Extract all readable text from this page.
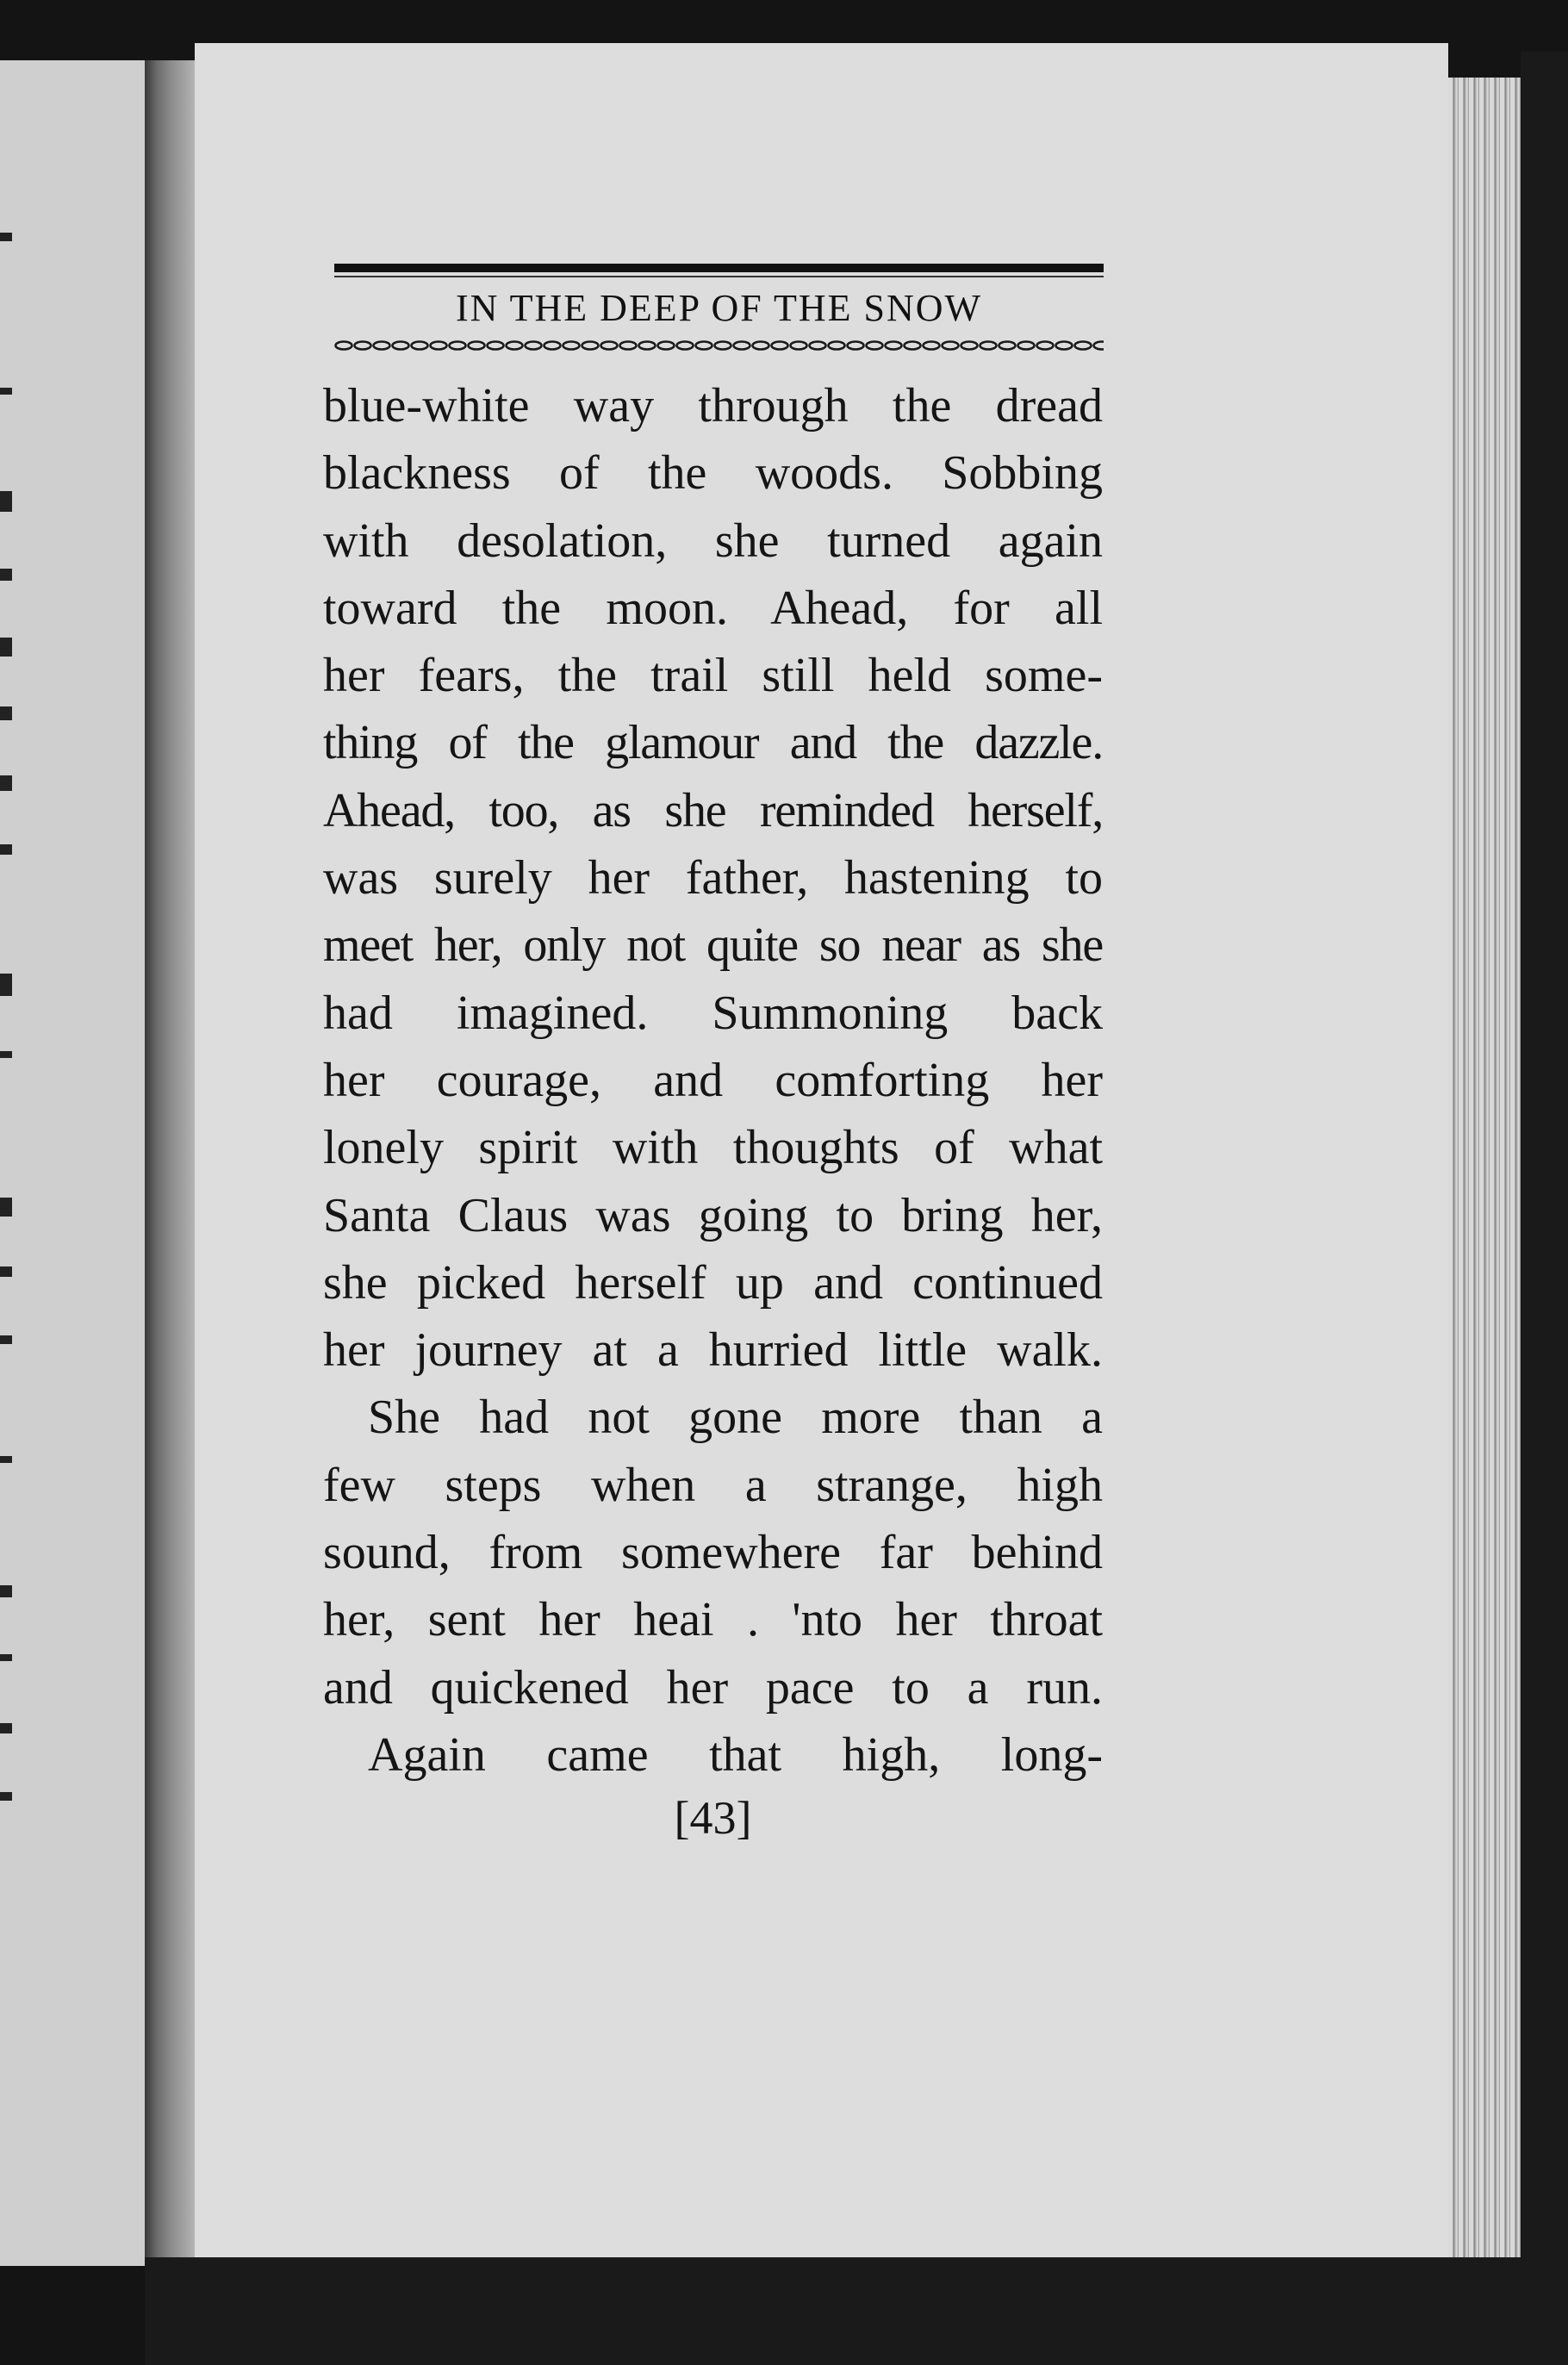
IN THE DEEP OF THE SNOW
blue-white way through the dread
blackness of the woods. Sobbing
with desolation, she turned again
toward the moon. Ahead, for all
her fears, the trail still held some-
thing of the glamour and the dazzle.
Ahead, too, as she reminded herself,
was surely her father, hastening to
meet her, only not quite so near as she
had imagined. Summoning back
her courage, and comforting her
lonely spirit with thoughts of what
Santa Claus was going to bring her,
she picked herself up and continued
her journey at a hurried little walk.
She had not gone more than a
few steps when a strange, high
sound, from somewhere far behind
her, sent her heai . 'nto her throat
and quickened her pace to a run.
Again came that high, long-
[43]
